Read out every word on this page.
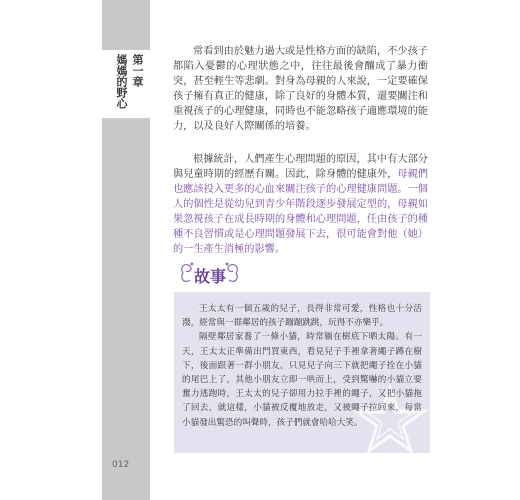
第一章
媽媽的野心
012

常看到由於魅力過大或是性格方面的缺陷，不少孩子都陷入憂鬱的心理狀態之中，往往最後會釀成了暴力衝突，甚至輕生等悲劇。對身為母親的人來說，一定要確保孩子擁有真正的健康，除了良好的身體本質，還要關注和重視孩子的心理健康，同時也不能忽略孩子適應環境的能力，以及良好人際關係的培養。

根據統計，人們產生心理問題的原因，其中有大部分與兒童時期的經歷有關。因此，除身體的健康外，母親們也應該投入更多的心血來關注孩子的心理健康問題。一個人的個性是從幼兒到青少年階段逐步發展定型的，母親如果忽視孩子在成長時期的身體和心理問題，任由孩子的種種不良習慣或是心理問題發展下去，很可能會對他（她）的一生產生消極的影響。

故事

王太太有一個五歲的兒子，長得非常可愛，性格也十分活潑，經常與一群鄰居的孩子蹦蹦跳跳，玩得不亦樂乎。

隔壁鄰居家養了一條小貓，時常躺在樹底下晒太陽。有一天，王太太正準備出門買東西，看見兒子手裡拿著繩子蹲在樹下，後面跟著一群小朋友。只見兒子向三下就把繩子拴在小貓的尾巴上了，其他小朋友立即一哄而上，受到驚嚇的小貓立要奮力逃跑時，王太太的兒子卻用力拉手裡的繩子，又把小貓拖了回去，就這樣，小貓被反覆地放走，又被繩子拉回來，每當小貓發出驚恐的叫聲時，孩子們就會哈哈大笑。
